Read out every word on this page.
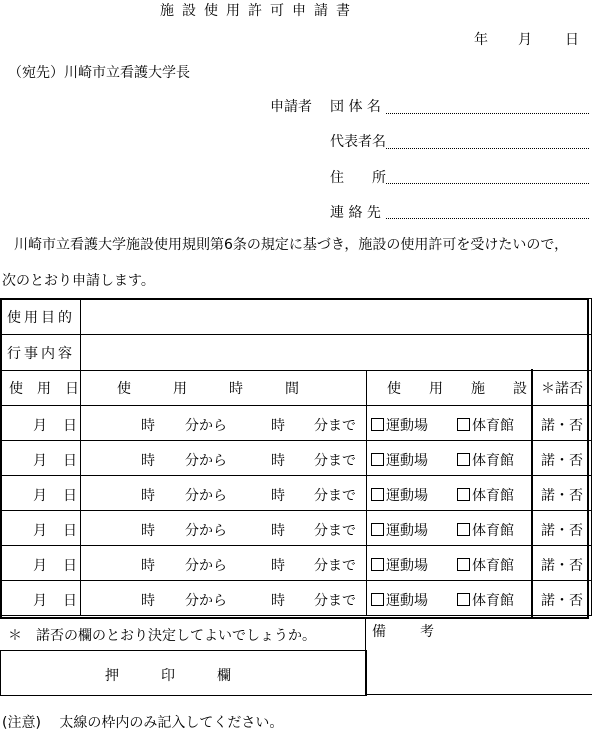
施設使用許可申請書
年 月 日
（宛先）川崎市立看護大学長
申請者 団 体 名
代表者名
住　　所
連 絡 先
川崎市立看護大学施設使用規則第6条の規定に基づき，施設の使用許可を受けたいので，
次のとおり申請します。
使用目的			
行事内容			
使　用　日	使　　　用　　　時　　　間	使　　用　　施　　設	＊諾否

月 日	時 分から 時 分まで	運動場 体育館	諾・否

月 日	時 分から 時 分まで	運動場 体育館	諾・否

月 日	時 分から 時 分まで	運動場 体育館	諾・否

月 日	時 分から 時 分まで	運動場 体育館	諾・否

月 日	時 分から 時 分まで	運動場 体育館	諾・否

月 日	時 分から 時 分まで	運動場 体育館	諾・否
＊　諾否の欄のとおり決定してよいでしょうか。	備　考
押　　　印　　　欄
(注意)　 太線の枠内のみ記入してください。
